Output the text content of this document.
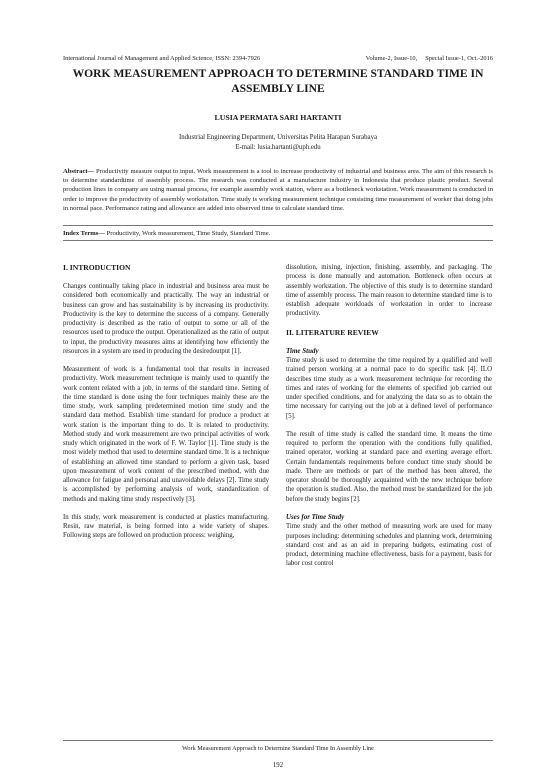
International Journal of Management and Applied Science, ISSN: 2394-7926	Volume-2, Issue-10, Special Issue-1, Oct.-2016
WORK MEASUREMENT APPROACH TO DETERMINE STANDARD TIME IN ASSEMBLY LINE
LUSIA PERMATA SARI HARTANTI
Industrial Engineering Department, Universitas Pelita Harapan Surabaya
E-mail: lusia.hartanti@uph.edu
Abstract— Productivity measure output to input. Work measurement is a tool to increase productivity of industrial and business area. The aim of this research is to determine standardtime of assembly process. The research was conducted at a manufacture industry in Indonesia that produce plastic product. Several production lines in company are using manual process, for example assembly work station, where as a bottleneck workstation. Work measurement is conducted in order to improve the productivity of assembly workstation. Time study is working measurement technique consisting time measurement of worker that doing jobs in normal pace. Performance rating and allowance are added into observed time to calculate standard time.
Index Terms— Productivity, Work measurement, Time Study, Standard Time.
I. INTRODUCTION

Changes continually taking place in industrial and business area must be considered both economically and practically. The way an industrial or business can grow and has sustainability is by increasing its productivity. Productivity is the key to determine the success of a company. Generally productivity is described as the ratio of output to some or all of the resources used to produce the output. Operationalized as the ratio of output to input, the productivity measures aims at identifying how efficiently the resources in a system are used in producing the desiredoutput [1].

Measurement of work is a fundamental tool that results in increased productivity. Work measurement technique is mainly used to quantify the work content related with a job, in terms of the standard time. Setting of the time standard is done using the four techniques mainly these are the time study, work sampling predetermined motion time study and the standard data method. Establish time standard for produce a product at work station is the important thing to do. It is related to productivity. Method study and work measurement are two principal activities of work study which originated in the work of F. W. Taylor [1]. Time study is the most widely method that used to determine standard time. It is a technique of establishing an allowed time standard to perform a given task, based upon measurement of work content of the prescribed method, with due allowance for fatigue and personal and unavoidable delays [2]. Time study is accomplished by performing analysis of work, standardization of methods and making time study respectively [3].

In this study, work measurement is conducted at plastics manufacturing. Resin, raw material, is being formed into a wide variety of shapes. Following steps are followed on production process: weighing,

dissolution, mixing, injection, finishing, assembly, and packaging. The process is done manually and automation. Bottleneck often occurs at assembly workstation. The objective of this study is to determine standard time of assembly process. The main reason to determine standard time is to establish adequate workloads of workstation in order to increase productivity.

II. LITERATURE REVIEW
Time Study

Time study is used to determine the time required by a qualified and well trained person working at a normal pace to do specific task [4]. ILO describes time study as a work measurement technique for recording the times and rates of working for the elements of specified job carried out under specified conditions, and for analyzing the data so as to obtain the time necessary for carrying out the job at a defined level of performance [5].

The result of time study is called the standard time. It means the time required to perform the operation with the conditions fully qualified, trained operator, working at standard pace and exerting average effort. Certain fundamentals requirements before conduct time study should be made. There are methods or part of the method has been altered, the operator should be thoroughly acquainted with the new technique before the operation is studied. Also, the method must be standardized for the job before the study begins [2].

Uses for Time Study

Time study and the other method of measuring work are used for many purposes including: determining schedules and planning work, determining standard cost and as an aid in preparing budgets, estimating cost of product, determining machine effectiveness, basis for a payment, basis for labor cost control

Work Measurement Approach to Determine Standard Time In Assembly Line
192
